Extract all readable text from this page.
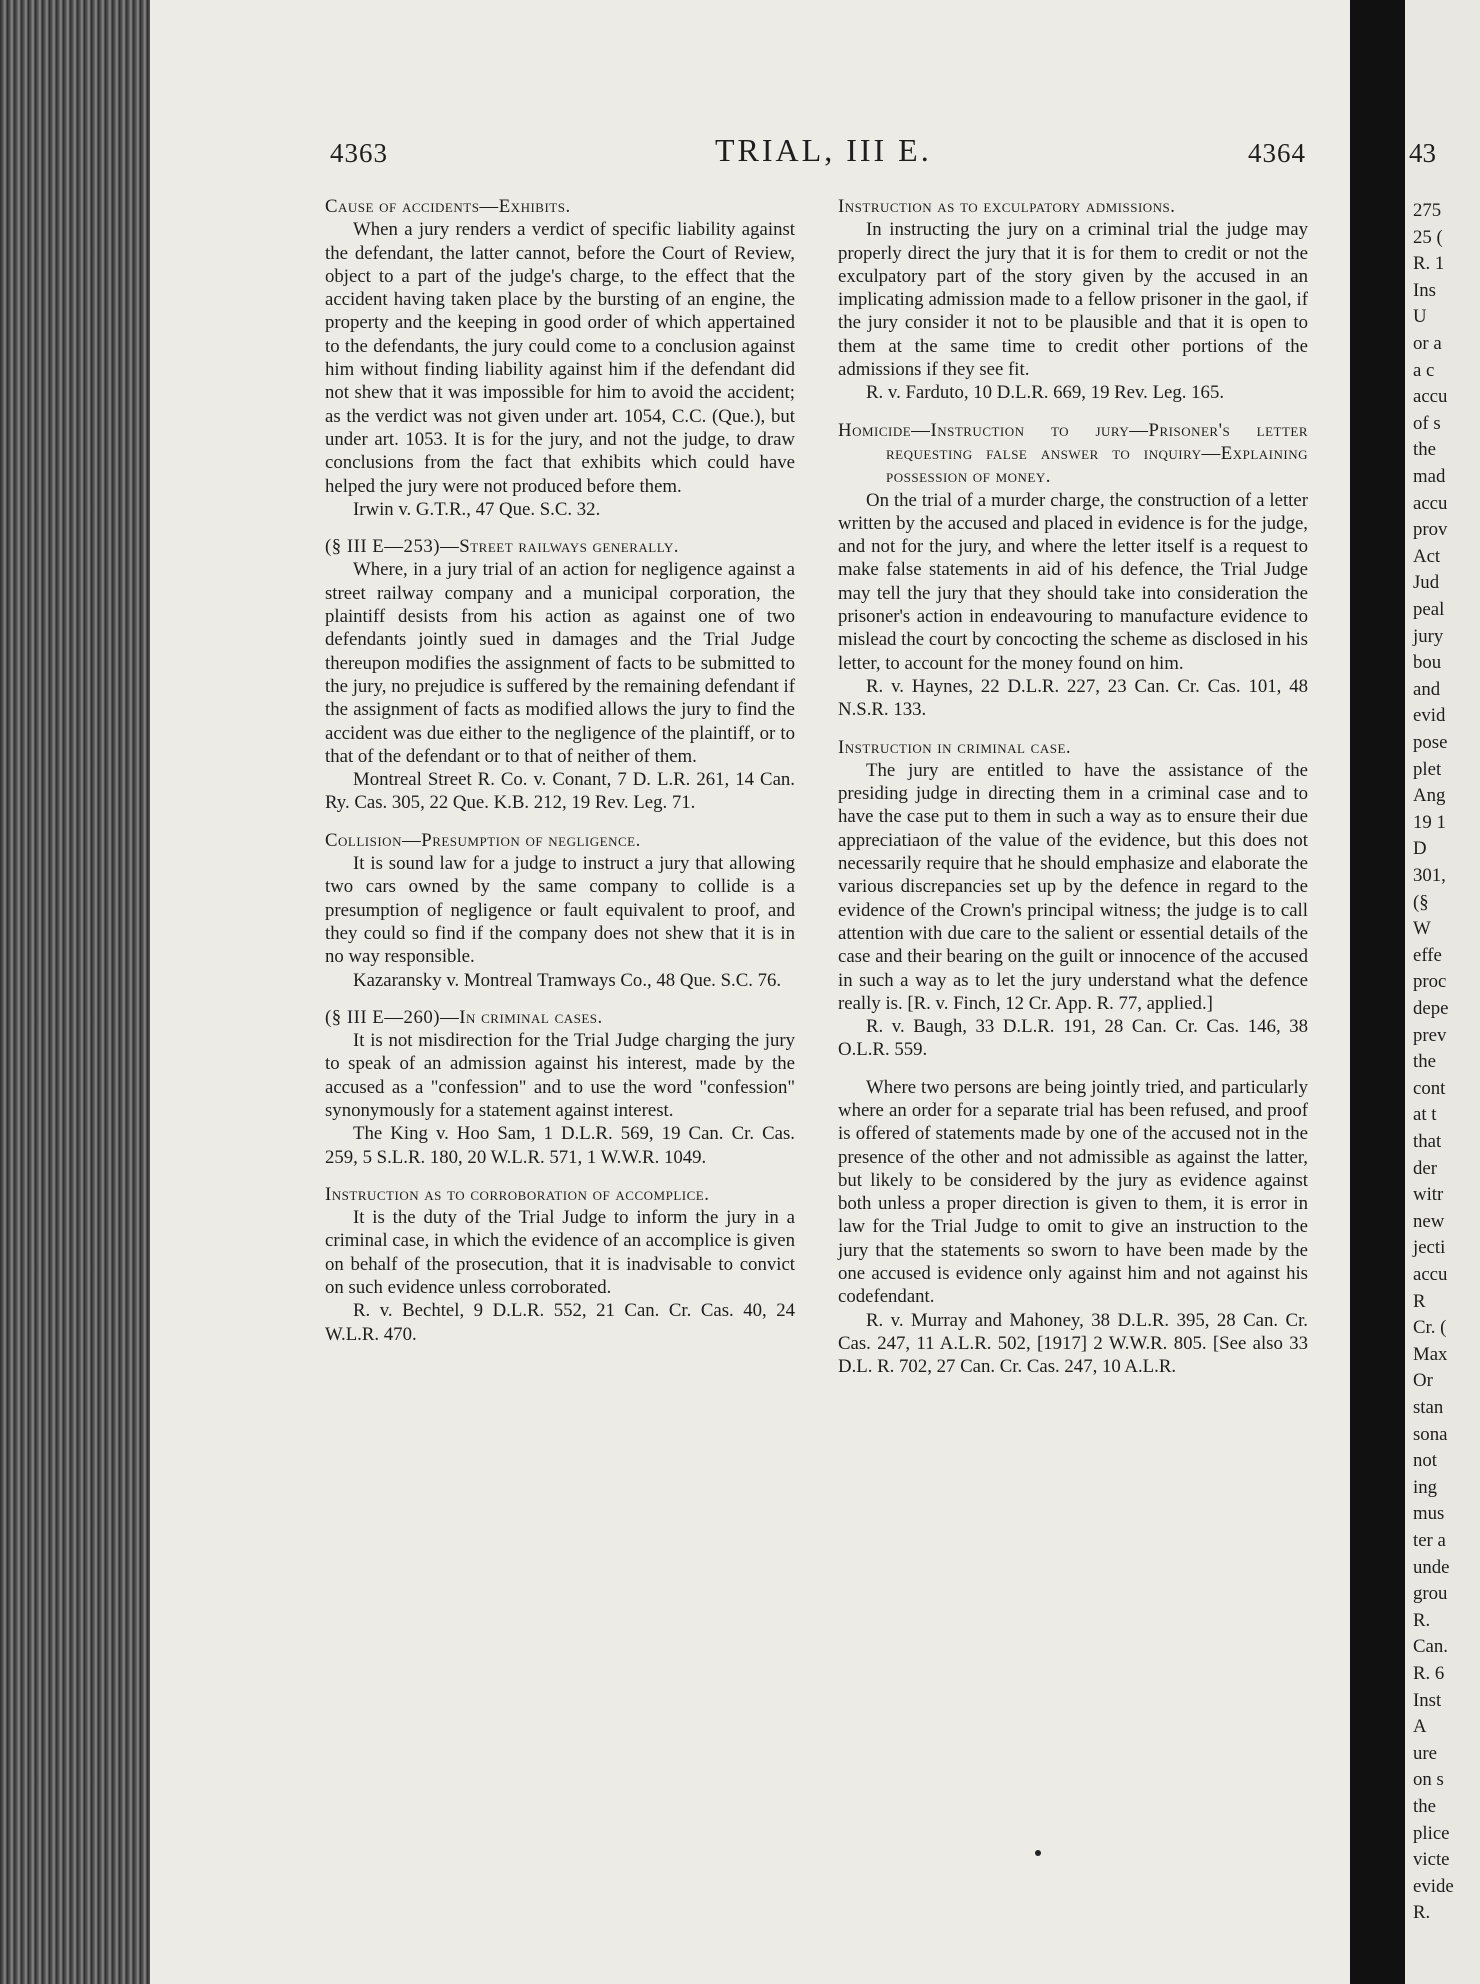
4363	TRIAL, III E.	4364

Cause of accidents—Exhibits.

When a jury renders a verdict of specific liability against the defendant, the latter cannot, before the Court of Review, object to a part of the judge's charge, to the effect that the accident having taken place by the bursting of an engine, the property and the keeping in good order of which appertained to the defendants, the jury could come to a conclusion against him without finding liability against him if the defendant did not shew that it was impossible for him to avoid the accident; as the verdict was not given under art. 1054, C.C. (Que.), but under art. 1053. It is for the jury, and not the judge, to draw conclusions from the fact that exhibits which could have helped the jury were not produced before them.

Irwin v. G.T.R., 47 Que. S.C. 32.

(§ III E—253)—Street railways generally.

Where, in a jury trial of an action for negligence against a street railway company and a municipal corporation, the plaintiff desists from his action as against one of two defendants jointly sued in damages and the Trial Judge thereupon modifies the assignment of facts to be submitted to the jury, no prejudice is suffered by the remaining defendant if the assignment of facts as modified allows the jury to find the accident was due either to the negligence of the plaintiff, or to that of the defendant or to that of neither of them.

Montreal Street R. Co. v. Conant, 7 D. L.R. 261, 14 Can. Ry. Cas. 305, 22 Que. K.B. 212, 19 Rev. Leg. 71.

Collision—Presumption of negligence.

It is sound law for a judge to instruct a jury that allowing two cars owned by the same company to collide is a presumption of negligence or fault equivalent to proof, and they could so find if the company does not shew that it is in no way responsible.

Kazaransky v. Montreal Tramways Co., 48 Que. S.C. 76.

(§ III E—260)—In criminal cases.

It is not misdirection for the Trial Judge charging the jury to speak of an admission against his interest, made by the accused as a "confession" and to use the word "confession" synonymously for a statement against interest.

The King v. Hoo Sam, 1 D.L.R. 569, 19 Can. Cr. Cas. 259, 5 S.L.R. 180, 20 W.L.R. 571, 1 W.W.R. 1049.

Instruction as to corroboration of accomplice.

It is the duty of the Trial Judge to inform the jury in a criminal case, in which the evidence of an accomplice is given on behalf of the prosecution, that it is inadvisable to convict on such evidence unless corroborated.

R. v. Bechtel, 9 D.L.R. 552, 21 Can. Cr. Cas. 40, 24 W.L.R. 470.

Instruction as to exculpatory admissions.

In instructing the jury on a criminal trial the judge may properly direct the jury that it is for them to credit or not the exculpatory part of the story given by the accused in an implicating admission made to a fellow prisoner in the gaol, if the jury consider it not to be plausible and that it is open to them at the same time to credit other portions of the admissions if they see fit.

R. v. Farduto, 10 D.L.R. 669, 19 Rev. Leg. 165.

Homicide—Instruction to jury—Prisoner's letter requesting false answer to inquiry—Explaining possession of money.

On the trial of a murder charge, the construction of a letter written by the accused and placed in evidence is for the judge, and not for the jury, and where the letter itself is a request to make false statements in aid of his defence, the Trial Judge may tell the jury that they should take into consideration the prisoner's action in endeavouring to manufacture evidence to mislead the court by concocting the scheme as disclosed in his letter, to account for the money found on him.

R. v. Haynes, 22 D.L.R. 227, 23 Can. Cr. Cas. 101, 48 N.S.R. 133.

Instruction in criminal case.

The jury are entitled to have the assistance of the presiding judge in directing them in a criminal case and to have the case put to them in such a way as to ensure their due appreciatiaon of the value of the evidence, but this does not necessarily require that he should emphasize and elaborate the various discrepancies set up by the defence in regard to the evidence of the Crown's principal witness; the judge is to call attention with due care to the salient or essential details of the case and their bearing on the guilt or innocence of the accused in such a way as to let the jury understand what the defence really is. [R. v. Finch, 12 Cr. App. R. 77, applied.]

R. v. Baugh, 33 D.L.R. 191, 28 Can. Cr. Cas. 146, 38 O.L.R. 559.

Where two persons are being jointly tried, and particularly where an order for a separate trial has been refused, and proof is offered of statements made by one of the accused not in the presence of the other and not admissible as against the latter, but likely to be considered by the jury as evidence against both unless a proper direction is given to them, it is error in law for the Trial Judge to omit to give an instruction to the jury that the statements so sworn to have been made by the one accused is evidence only against him and not against his codefendant.

R. v. Murray and Mahoney, 38 D.L.R. 395, 28 Can. Cr. Cas. 247, 11 A.L.R. 502, [1917] 2 W.W.R. 805. [See also 33 D.L. R. 702, 27 Can. Cr. Cas. 247, 10 A.L.R.

43
275
25 (
R. 1
Ins
U
or a
a c
accu
of s
the
mad
accu
prov
Act
Jud
peal
jury
bou
and
evid
pose
plet
Ang
19 1
D
301,
(§
W
effe
proc
depe
prev
the
cont
at t
that
der
witr
new
jecti
accu
R
Cr. (
Max
Or
stan
sona
not
ing
mus
ter a
unde
grou
R.
Can.
R. 6
Inst
A
ure
on s
the
plice
victe
evide
R.
